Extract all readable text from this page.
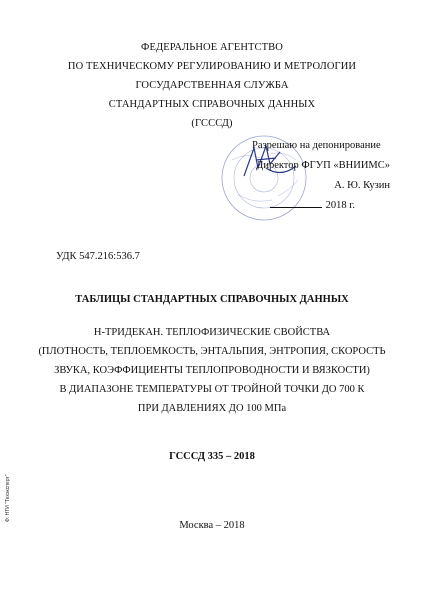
ФЕДЕРАЛЬНОЕ АГЕНТСТВО
ПО ТЕХНИЧЕСКОМУ РЕГУЛИРОВАНИЮ И МЕТРОЛОГИИ
ГОСУДАРСТВЕННАЯ СЛУЖБА
СТАНДАРТНЫХ СПРАВОЧНЫХ ДАННЫХ
(ГСССД)
Разрешаю на депонирование
Директор ФГУП «ВНИИМС»
А. Ю. Кузин
2018 г.
УДК 547.216:536.7
ТАБЛИЦЫ СТАНДАРТНЫХ СПРАВОЧНЫХ ДАННЫХ
Н-ТРИДЕКАН. ТЕПЛОФИЗИЧЕСКИЕ СВОЙСТВА
(ПЛОТНОСТЬ, ТЕПЛОЕМКОСТЬ, ЭНТАЛЬПИЯ, ЭНТРОПИЯ, СКОРОСТЬ
ЗВУКА, КОЭФФИЦИЕНТЫ ТЕПЛОПРОВОДНОСТИ И ВЯЗКОСТИ)
В ДИАПАЗОНЕ ТЕМПЕРАТУРЫ ОТ ТРОЙНОЙ ТОЧКИ ДО 700 К
ПРИ ДАВЛЕНИЯХ ДО 100 МПа
ГСССД 335 – 2018
Москва – 2018
Ф: НТИ "Техэксперт"
